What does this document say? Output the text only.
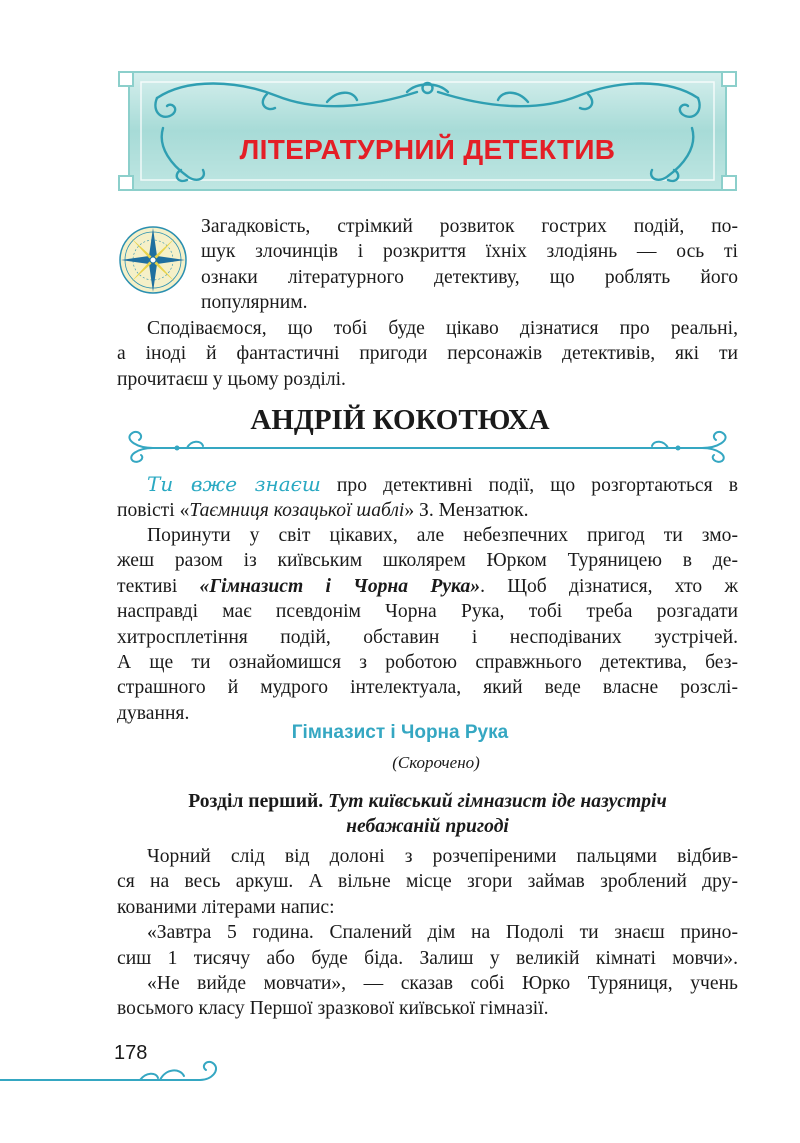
ЛІТЕРАТУРНИЙ ДЕТЕКТИВ
Загадковість, стрімкий розвиток гострих подій, по-
шук злочинців і розкриття їхніх злодіянь — ось ті
ознаки літературного детективу, що роблять його
популярним.
Сподіваємося, що тобі буде цікаво дізнатися про реальні,
а іноді й фантастичні пригоди персонажів детективів, які ти
прочитаєш у цьому розділі.
АНДРІЙ КОКОТЮХА
Ти вже знаєш про детективні події, що розгортаються в
повісті «Таємниця козацької шаблі» З. Мензатюк.
Поринути у світ цікавих, але небезпечних пригод ти змо-
жеш разом із київським школярем Юрком Туряницею в де-
тективі «Гімназист і Чорна Рука». Щоб дізнатися, хто ж
насправді має псевдонім Чорна Рука, тобі треба розгадати
хитросплетіння подій, обставин і несподіваних зустрічей.
А ще ти ознайомишся з роботою справжнього детектива, без-
страшного й мудрого інтелектуала, який веде власне розслі-
дування.
Гімназист і Чорна Рука
(Скорочено)
Розділ перший. Тут київський гімназист іде назустріч
небажаній пригоді
Чорний слід від долоні з розчепіреними пальцями відбив-
ся на весь аркуш. А вільне місце згори займав зроблений дру-
кованими літерами напис:
«Завтра 5 година. Спалений дім на Подолі ти знаєш прино-
сиш 1 тисячу або буде біда. Залиш у великій кімнаті мовчи».
«Не вийде мовчати», — сказав собі Юрко Туряниця, учень
восьмого класу Першої зразкової київської гімназії.
178
